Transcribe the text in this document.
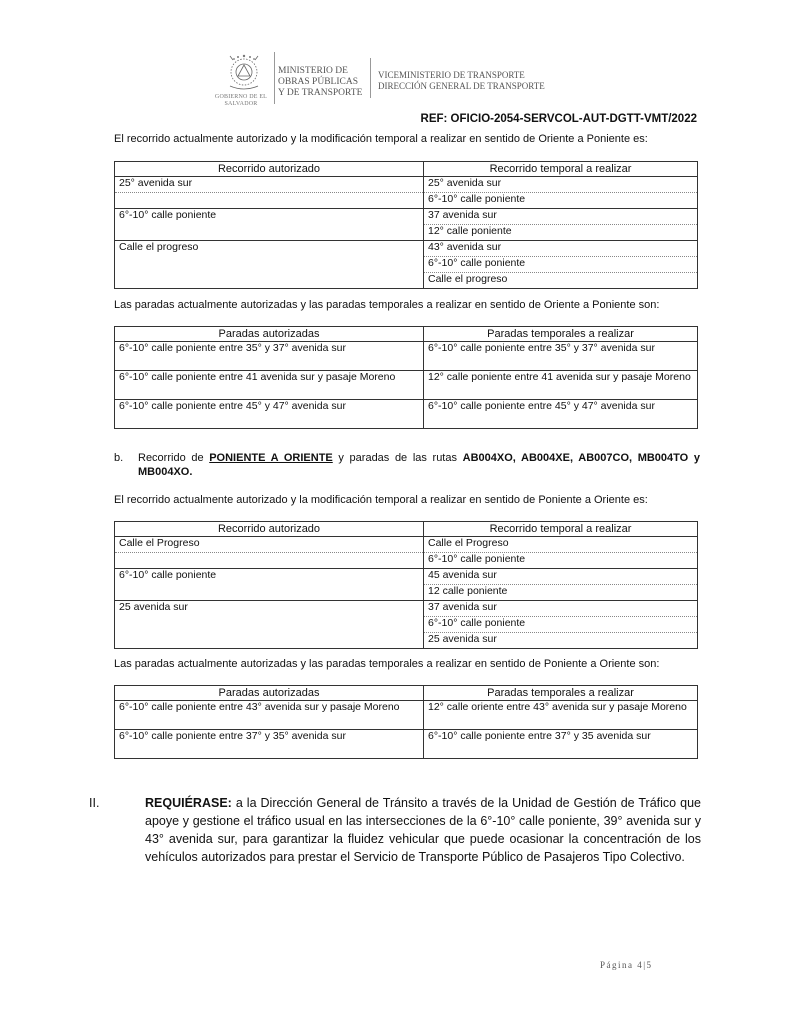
GOBIERNO DE EL SALVADOR
MINISTERIO DE
OBRAS PÚBLICAS
Y DE TRANSPORTE
VICEMINISTERIO DE TRANSPORTE
DIRECCIÓN GENERAL DE TRANSPORTE
REF: OFICIO-2054-SERVCOL-AUT-DGTT-VMT/2022
El recorrido actualmente autorizado y la modificación temporal a realizar en sentido de Oriente a Poniente es:
Recorrido autorizado	Recorrido temporal a realizar
25° avenida sur	25° avenida sur
	6°-10° calle poniente
6°-10° calle poniente	37 avenida sur
	12° calle poniente
Calle el progreso	43° avenida sur
	6°-10° calle poniente
	Calle el progreso
Las paradas actualmente autorizadas y las paradas temporales a realizar en sentido de Oriente a Poniente son:
Paradas autorizadas	Paradas temporales a realizar
6°-10° calle poniente entre 35° y 37° avenida sur	6°-10° calle poniente entre 35° y 37° avenida sur
6°-10° calle poniente entre 41 avenida sur y pasaje Moreno	12° calle poniente entre 41 avenida sur y pasaje Moreno
6°-10° calle poniente entre 45° y 47° avenida sur	6°-10° calle poniente entre 45° y 47° avenida sur
b. Recorrido de PONIENTE A ORIENTE y paradas de las rutas AB004XO, AB004XE, AB007CO, MB004TO y MB004XO.
El recorrido actualmente autorizado y la modificación temporal a realizar en sentido de Poniente a Oriente es:
Recorrido autorizado	Recorrido temporal a realizar
Calle el Progreso	Calle el Progreso
	6°-10° calle poniente
6°-10° calle poniente	45 avenida sur
	12 calle poniente
25 avenida sur	37 avenida sur
	6°-10° calle poniente
	25 avenida sur
Las paradas actualmente autorizadas y las paradas temporales a realizar en sentido de Poniente a Oriente son:
Paradas autorizadas	Paradas temporales a realizar
6°-10° calle poniente entre 43° avenida sur y pasaje Moreno	12° calle oriente entre 43° avenida sur y pasaje Moreno
6°-10° calle poniente entre 37° y 35° avenida sur	6°-10° calle poniente entre 37° y 35 avenida sur
II.	REQUIÉRASE: a la Dirección General de Tránsito a través de la Unidad de Gestión de Tráfico que apoye y gestione el tráfico usual en las intersecciones de la 6°-10° calle poniente, 39° avenida sur y 43° avenida sur, para garantizar la fluidez vehicular que puede ocasionar la concentración de los vehículos autorizados para prestar el Servicio de Transporte Público de Pasajeros Tipo Colectivo.
Página 4|5
